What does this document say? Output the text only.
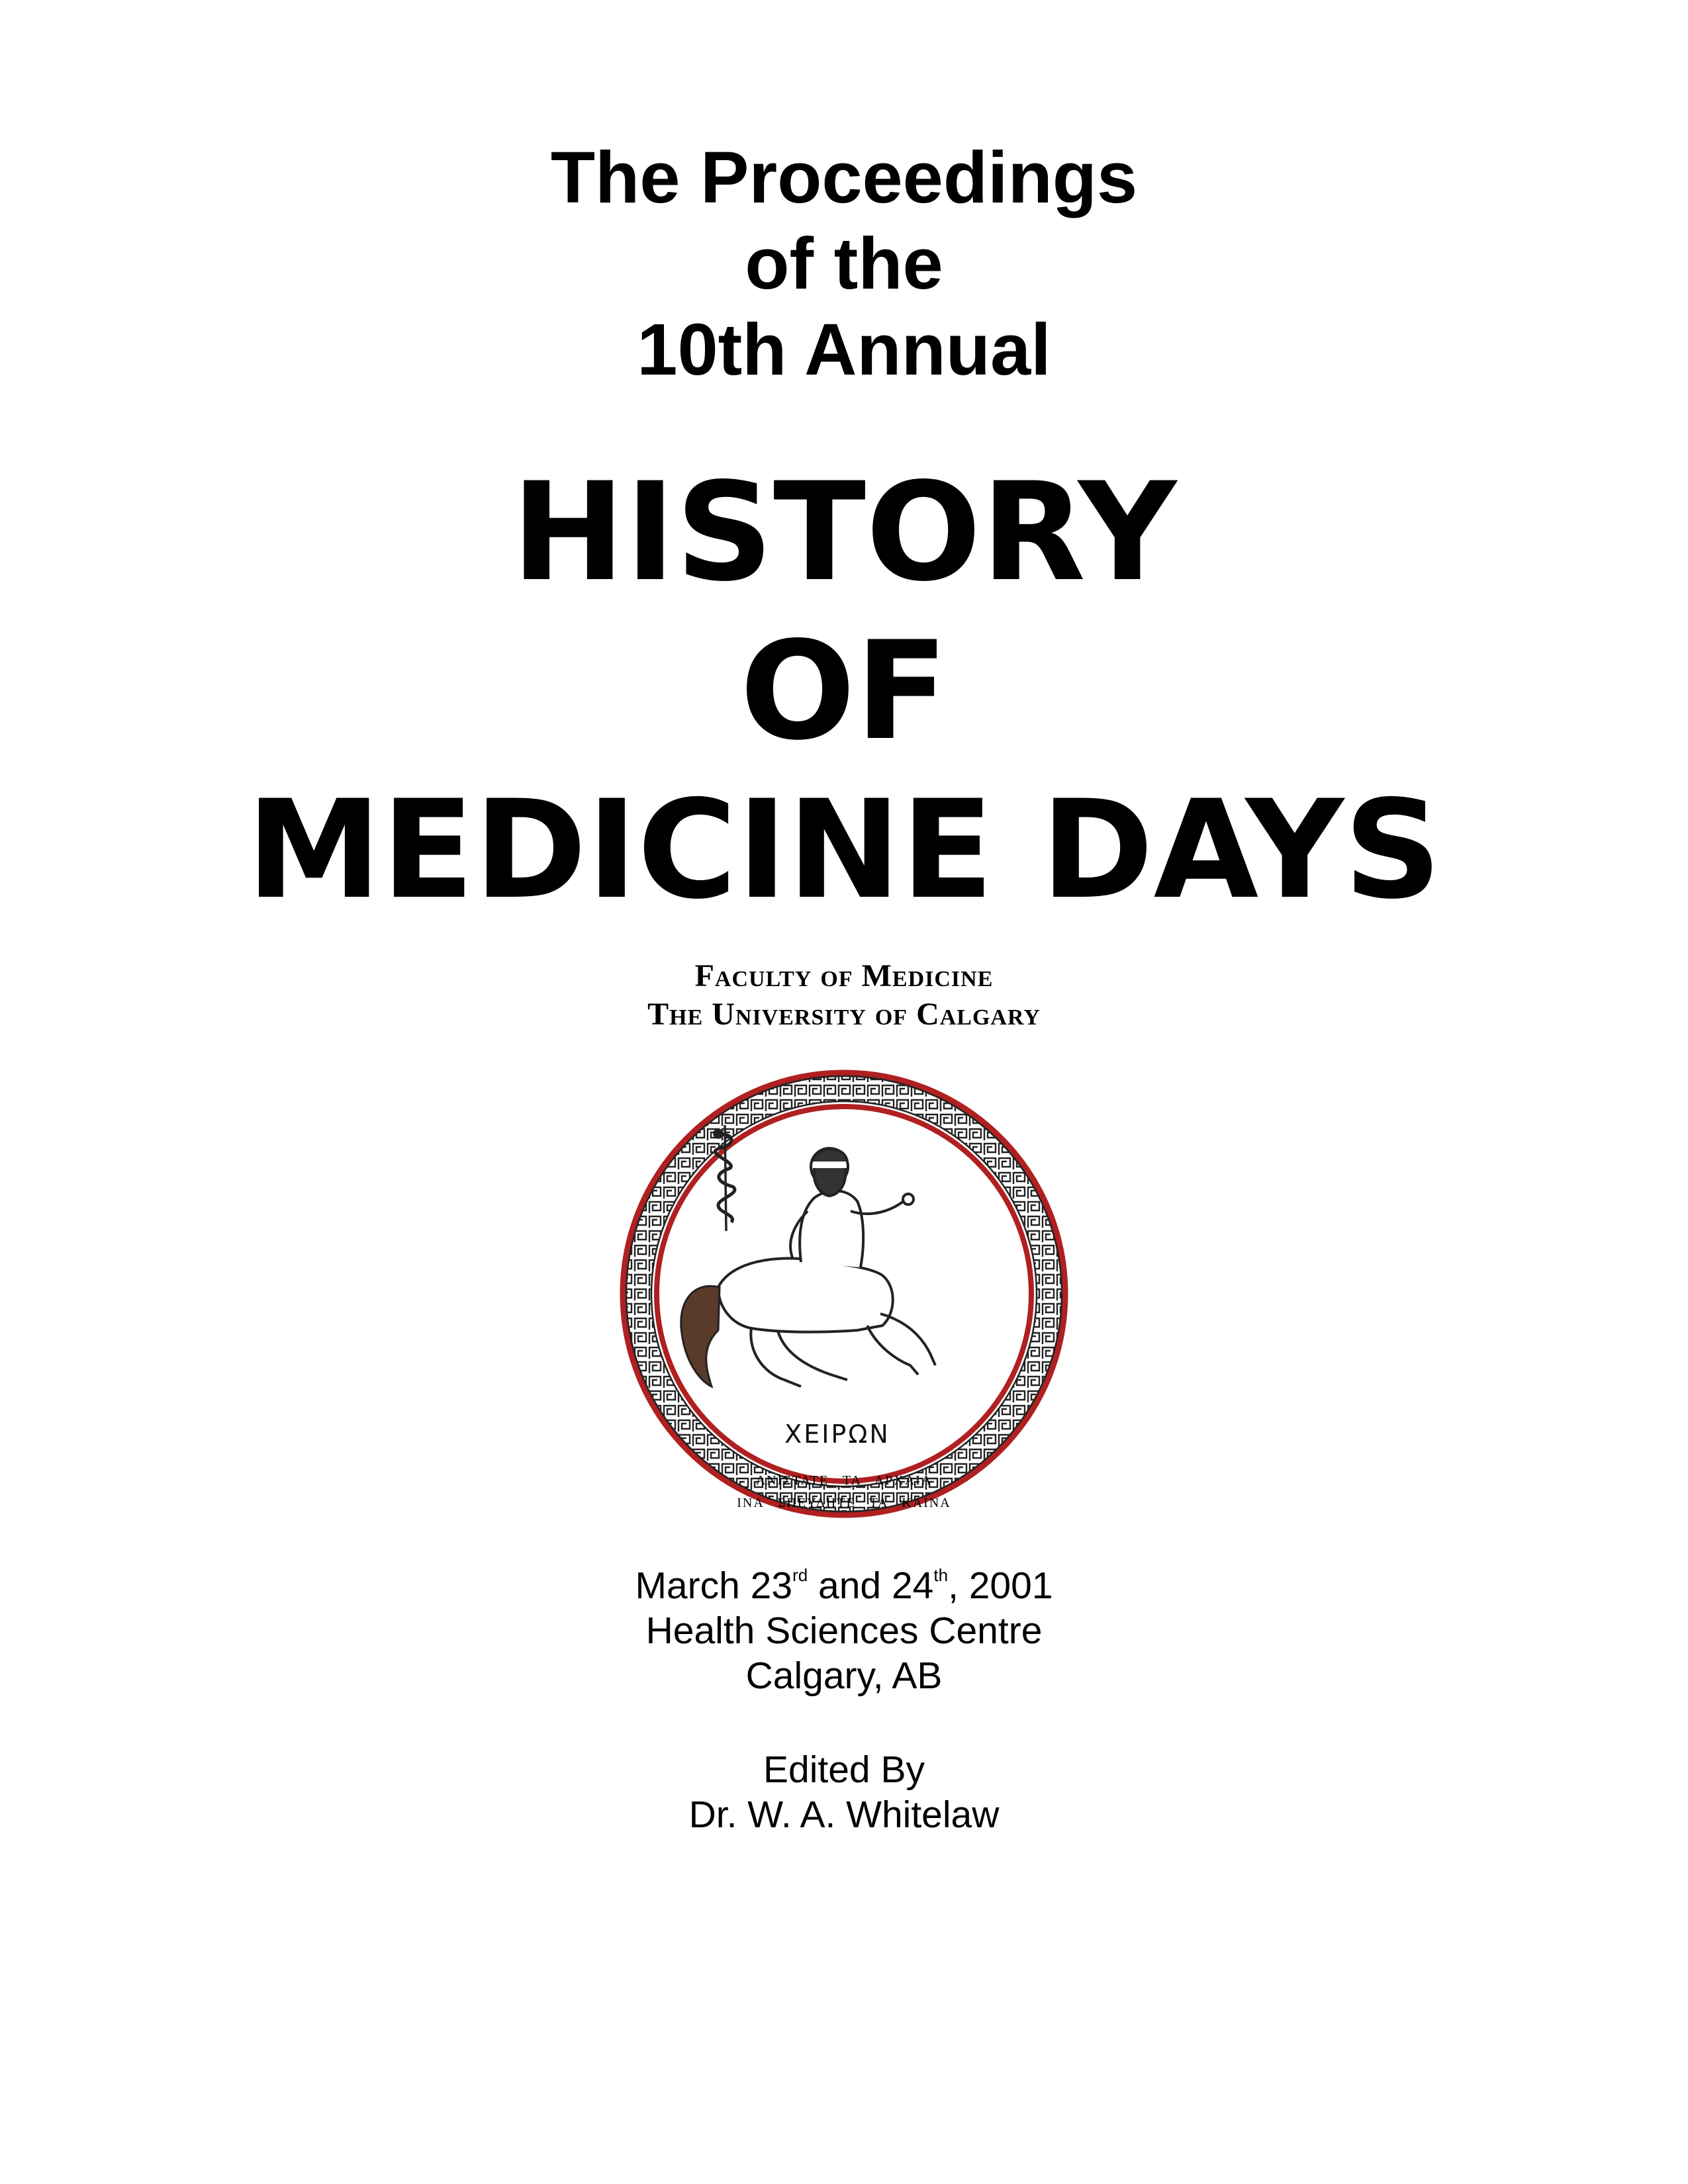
The Proceedings
of the
10th Annual
HISTORY
OF
MEDICINE DAYS
Faculty of Medicine
The University of Calgary
ΧΕΙΡΩΝ
ΑΝΙΣΤΑΤΕ ΤΑ ΑΡΧΑΙΑ
ΙΝΑ ΣΠΕΥΔΗΤΕ ΤΑ ΚΑΙΝΑ
March 23rd and 24th, 2001
Health Sciences Centre
Calgary, AB
Edited By
Dr. W. A. Whitelaw
